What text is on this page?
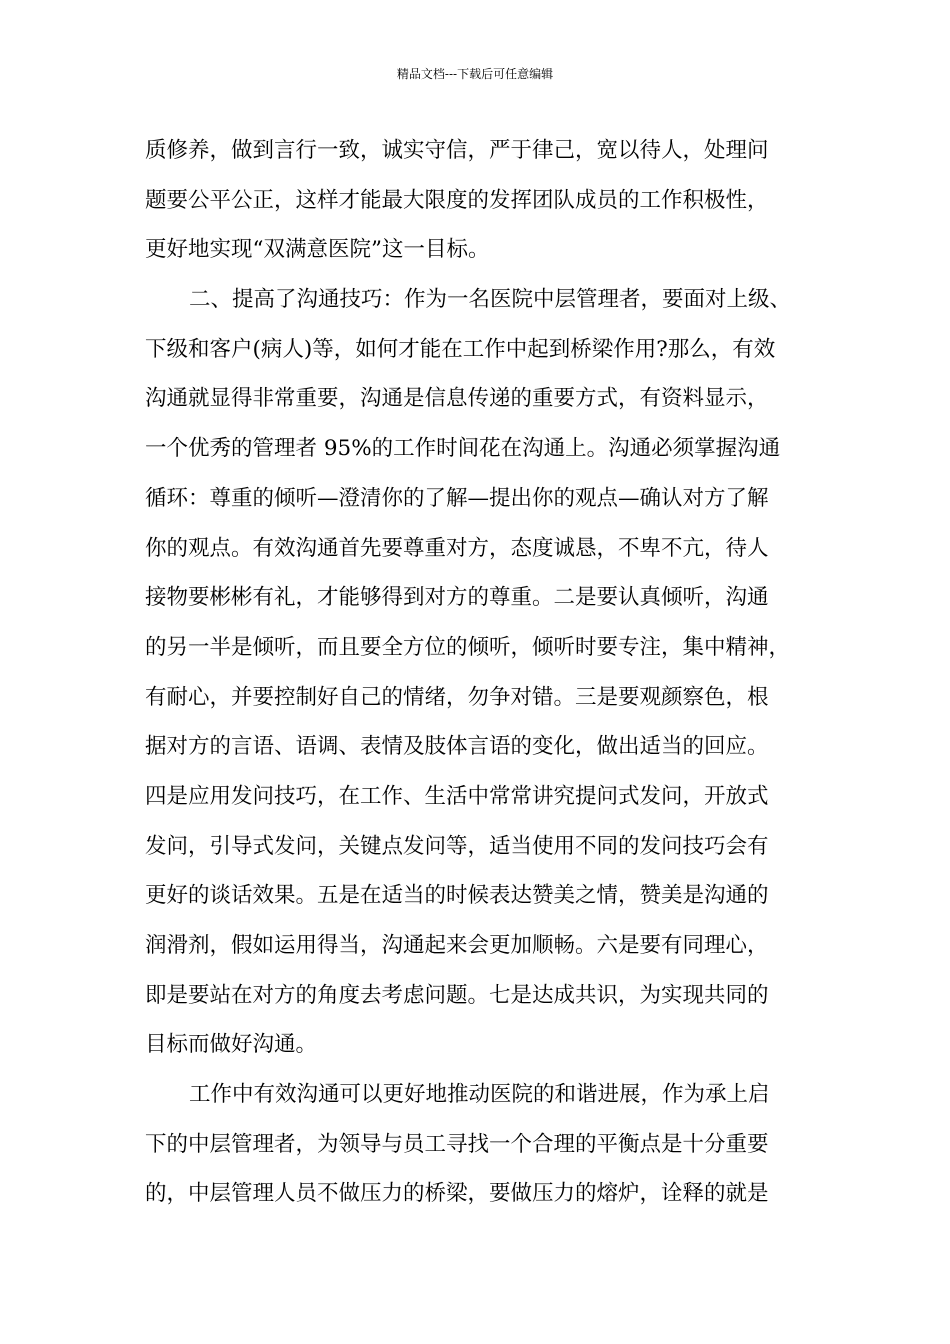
精品文档---下载后可任意编辑
质修养，做到言行一致，诚实守信，严于律己，宽以待人，处理问
题要公平公正，这样才能最大限度的发挥团队成员的工作积极性，
更好地实现“双满意医院”这一目标。
二、提高了沟通技巧：作为一名医院中层管理者，要面对上级、
下级和客户(病人)等，如何才能在工作中起到桥梁作用?那么，有效
沟通就显得非常重要，沟通是信息传递的重要方式，有资料显示，
一个优秀的管理者 95%的工作时间花在沟通上。沟通必须掌握沟通
循环：尊重的倾听—澄清你的了解—提出你的观点—确认对方了解
你的观点。有效沟通首先要尊重对方，态度诚恳，不卑不亢，待人
接物要彬彬有礼，才能够得到对方的尊重。二是要认真倾听，沟通
的另一半是倾听，而且要全方位的倾听，倾听时要专注，集中精神，
有耐心，并要控制好自己的情绪，勿争对错。三是要观颜察色，根
据对方的言语、语调、表情及肢体言语的变化，做出适当的回应。
四是应用发问技巧，在工作、生活中常常讲究提问式发问，开放式
发问，引导式发问，关键点发问等，适当使用不同的发问技巧会有
更好的谈话效果。五是在适当的时候表达赞美之情，赞美是沟通的
润滑剂，假如运用得当，沟通起来会更加顺畅。六是要有同理心，
即是要站在对方的角度去考虑问题。七是达成共识，为实现共同的
目标而做好沟通。
工作中有效沟通可以更好地推动医院的和谐进展，作为承上启
下的中层管理者，为领导与员工寻找一个合理的平衡点是十分重要
的，中层管理人员不做压力的桥梁，要做压力的熔炉，诠释的就是
